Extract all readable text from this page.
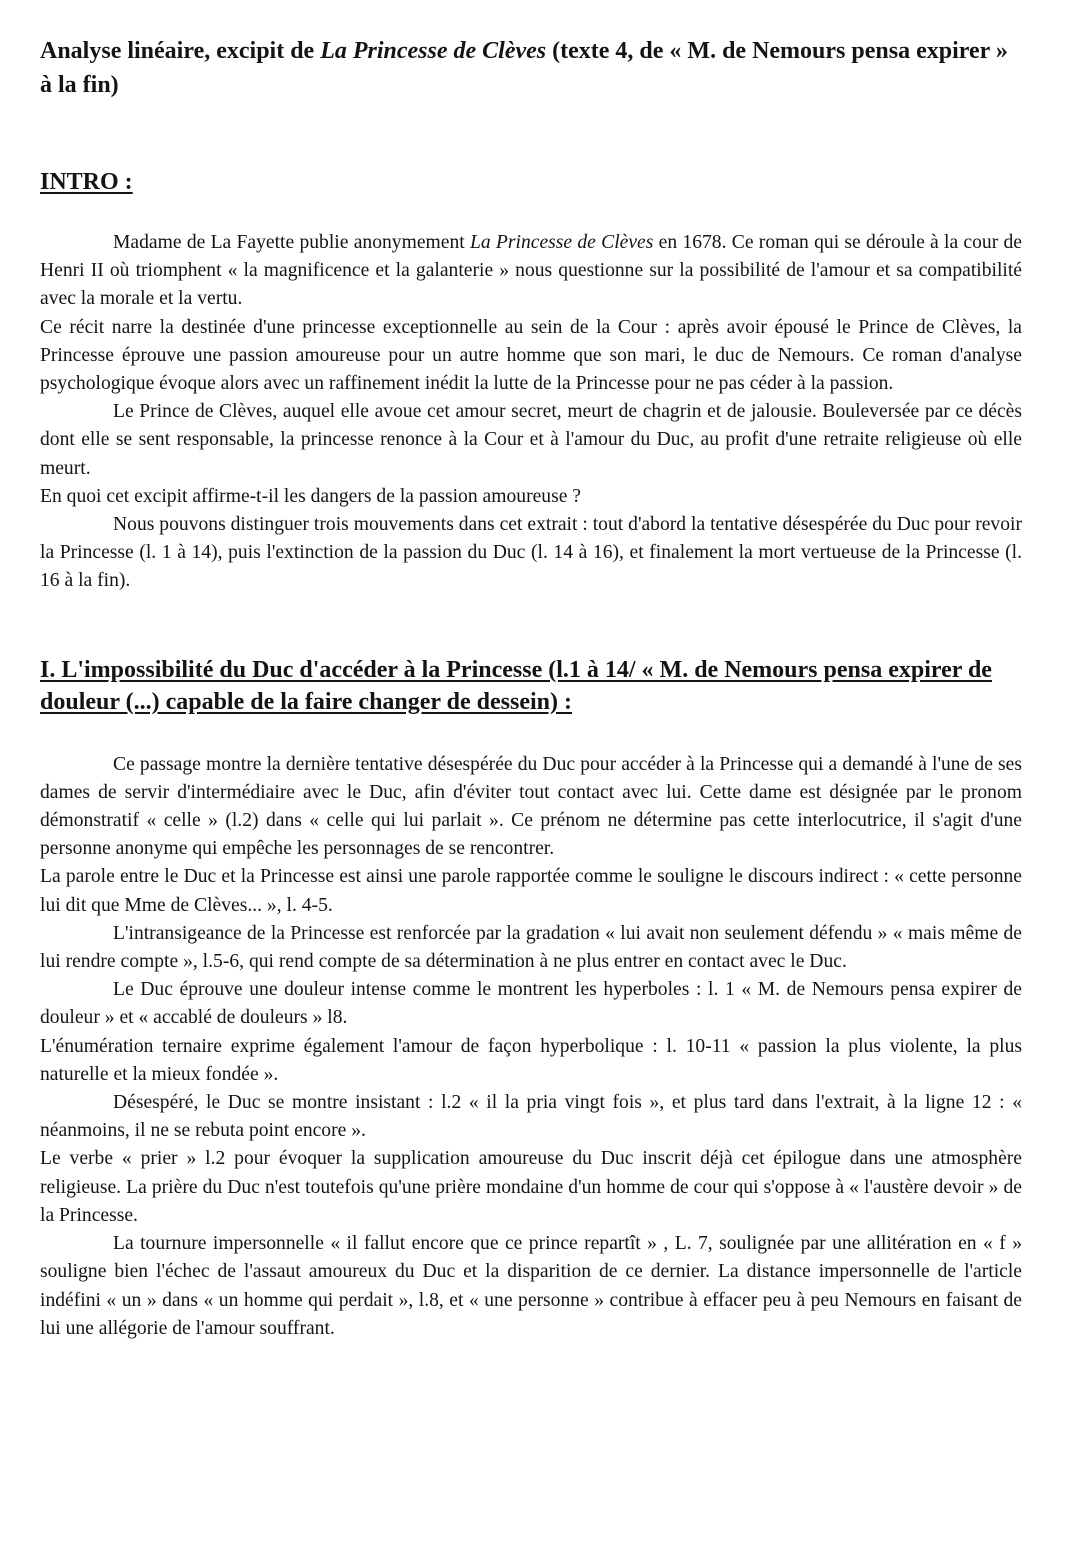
Analyse linéaire, excipit de La Princesse de Clèves (texte 4, de « M. de Nemours pensa expirer » à la fin)
INTRO :

Madame de La Fayette publie anonymement La Princesse de Clèves en 1678. Ce roman qui se déroule à la cour de Henri II où triomphent « la magnificence et la galanterie » nous questionne sur la possibilité de l'amour et sa compatibilité avec la morale et la vertu.

Ce récit narre la destinée d'une princesse exceptionnelle au sein de la Cour : après avoir épousé le Prince de Clèves, la Princesse éprouve une passion amoureuse pour un autre homme que son mari, le duc de Nemours. Ce roman d'analyse psychologique évoque alors avec un raffinement inédit la lutte de la Princesse pour ne pas céder à la passion.

Le Prince de Clèves, auquel elle avoue cet amour secret, meurt de chagrin et de jalousie. Bouleversée par ce décès dont elle se sent responsable, la princesse renonce à la Cour et à l'amour du Duc, au profit d'une retraite religieuse où elle meurt.

En quoi cet excipit affirme-t-il les dangers de la passion amoureuse ?

Nous pouvons distinguer trois mouvements dans cet extrait : tout d'abord la tentative désespérée du Duc pour revoir la Princesse (l. 1 à 14), puis l'extinction de la passion du Duc (l. 14 à 16), et finalement la mort vertueuse de la Princesse (l. 16 à la fin).

I. L'impossibilité du Duc d'accéder à la Princesse (l.1 à 14/ « M. de Nemours pensa expirer de douleur (...) capable de la faire changer de dessein) :

Ce passage montre la dernière tentative désespérée du Duc pour accéder à la Princesse qui a demandé à l'une de ses dames de servir d'intermédiaire avec le Duc, afin d'éviter tout contact avec lui. Cette dame est désignée par le pronom démonstratif « celle » (l.2) dans « celle qui lui parlait ». Ce prénom ne détermine pas cette interlocutrice, il s'agit d'une personne anonyme qui empêche les personnages de se rencontrer.

La parole entre le Duc et la Princesse est ainsi une parole rapportée comme le souligne le discours indirect : « cette personne lui dit que Mme de Clèves... », l. 4-5.

L'intransigeance de la Princesse est renforcée par la gradation « lui avait non seulement défendu » « mais même de lui rendre compte », l.5-6, qui rend compte de sa détermination à ne plus entrer en contact avec le Duc.

Le Duc éprouve une douleur intense comme le montrent les hyperboles : l. 1 « M. de Nemours pensa expirer de douleur » et « accablé de douleurs » l8.

L'énumération ternaire exprime également l'amour de façon hyperbolique : l. 10-11 « passion la plus violente, la plus naturelle et la mieux fondée ».

Désespéré, le Duc se montre insistant : l.2 « il la pria vingt fois », et plus tard dans l'extrait, à la ligne 12 : « néanmoins, il ne se rebuta point encore ».

Le verbe « prier » l.2 pour évoquer la supplication amoureuse du Duc inscrit déjà cet épilogue dans une atmosphère religieuse. La prière du Duc n'est toutefois qu'une prière mondaine d'un homme de cour qui s'oppose à « l'austère devoir » de la Princesse.

La tournure impersonnelle « il fallut encore que ce prince repartît » , L. 7, soulignée par une allitération en « f » souligne bien l'échec de l'assaut amoureux du Duc et la disparition de ce dernier. La distance impersonnelle de l'article indéfini « un » dans « un homme qui perdait », l.8, et « une personne » contribue à effacer peu à peu Nemours en faisant de lui une allégorie de l'amour souffrant.
